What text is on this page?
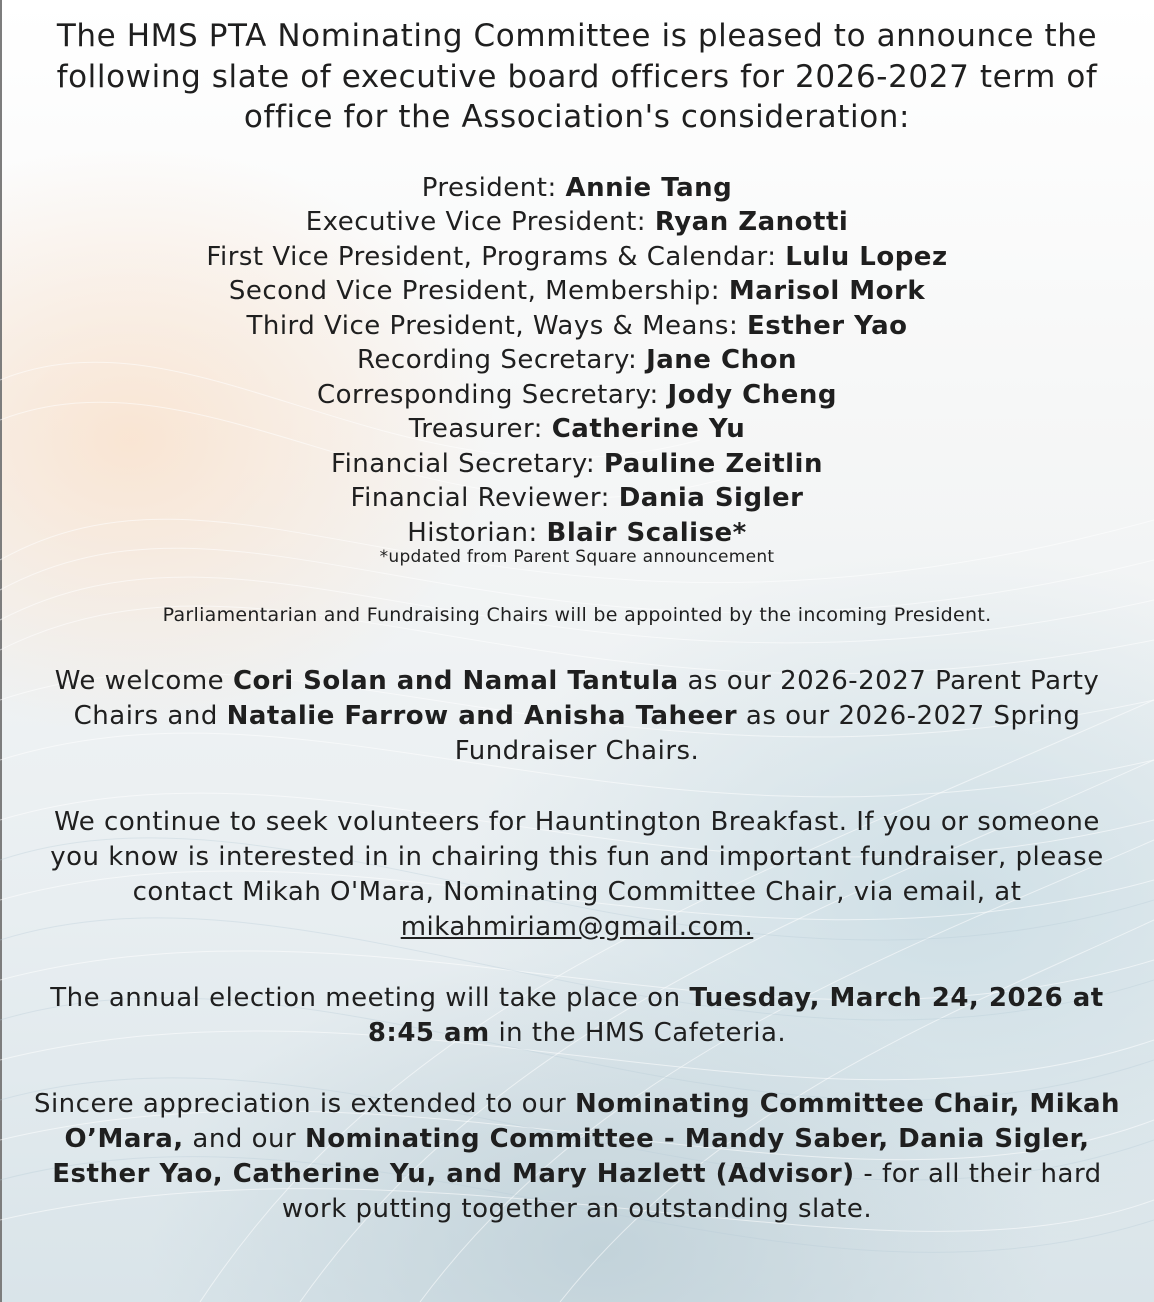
The HMS PTA Nominating Committee is pleased to announce the following slate of executive board officers for 2026-2027 term of office for the Association's consideration:
President: Annie Tang
Executive Vice President: Ryan Zanotti
First Vice President, Programs & Calendar: Lulu Lopez
Second Vice President, Membership: Marisol Mork
Third Vice President, Ways & Means: Esther Yao
Recording Secretary: Jane Chon
Corresponding Secretary: Jody Cheng
Treasurer: Catherine Yu
Financial Secretary: Pauline Zeitlin
Financial Reviewer: Dania Sigler
Historian: Blair Scalise*
*updated from Parent Square announcement
Parliamentarian and Fundraising Chairs will be appointed by the incoming President.
We welcome Cori Solan and Namal Tantula as our 2026-2027 Parent Party Chairs and Natalie Farrow and Anisha Taheer as our 2026-2027 Spring Fundraiser Chairs.
We continue to seek volunteers for Hauntington Breakfast. If you or someone you know is interested in in chairing this fun and important fundraiser, please contact Mikah O'Mara, Nominating Committee Chair, via email, at mikahmiriam@gmail.com.
The annual election meeting will take place on Tuesday, March 24, 2026 at 8:45 am in the HMS Cafeteria.
Sincere appreciation is extended to our Nominating Committee Chair, Mikah O’Mara, and our Nominating Committee - Mandy Saber, Dania Sigler, Esther Yao, Catherine Yu, and Mary Hazlett (Advisor) - for all their hard work putting together an outstanding slate.
